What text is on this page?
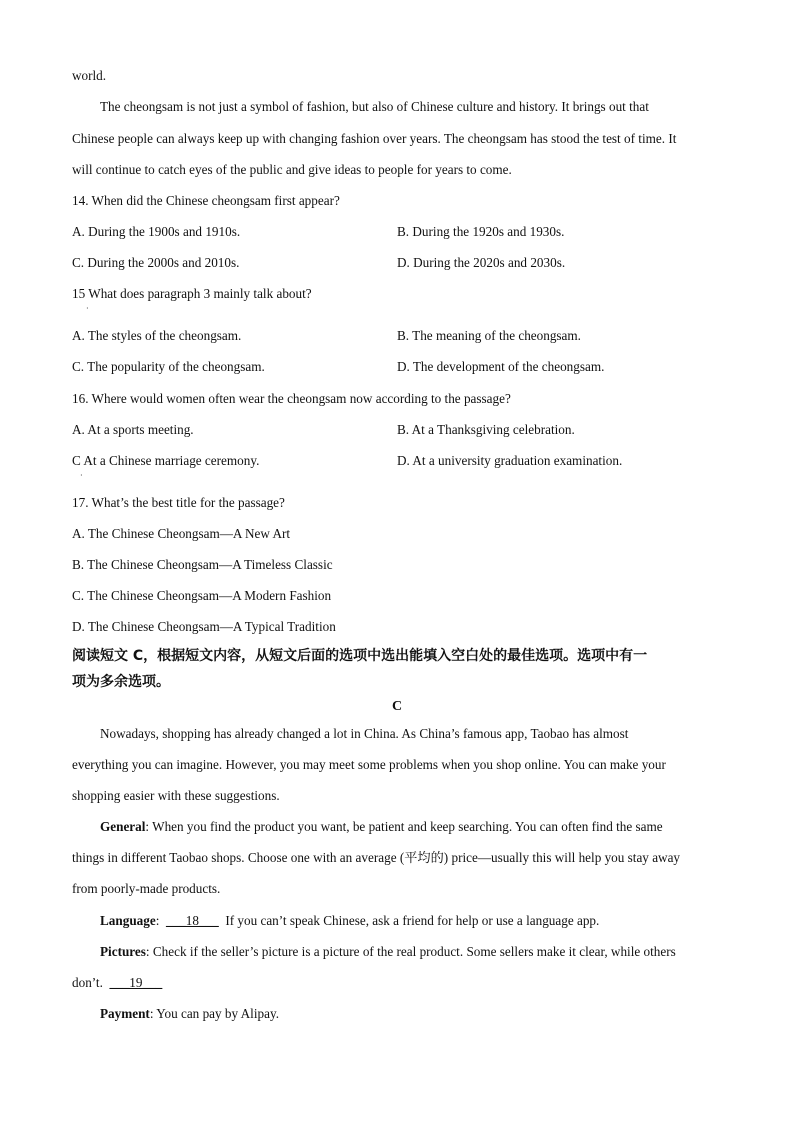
world.
The cheongsam is not just a symbol of fashion, but also of Chinese culture and history. It brings out that
Chinese people can always keep up with changing fashion over years. The cheongsam has stood the test of time. It
will continue to catch eyes of the public and give ideas to people for years to come.
14. When did the Chinese cheongsam first appear?
A. During the 1900s and 1910s.	B. During the 1920s and 1930s.
C. During the 2000s and 2010s.	D. During the 2020s and 2030s.
15 What does paragraph 3 mainly talk about?
·
A. The styles of the cheongsam.	B. The meaning of the cheongsam.
C. The popularity of the cheongsam.	D. The development of the cheongsam.
16. Where would women often wear the cheongsam now according to the passage?
A. At a sports meeting.	B. At a Thanksgiving celebration.
C At a Chinese marriage ceremony.	D. At a university graduation examination.
·
17. What’s the best title for the passage?
A. The Chinese Cheongsam—A New Art
B. The Chinese Cheongsam—A Timeless Classic
C. The Chinese Cheongsam—A Modern Fashion
D. The Chinese Cheongsam—A Typical Tradition
阅读短文 C，根据短文内容，从短文后面的选项中选出能填入空白处的最佳选项。选项中有一
项为多余选项。
C
Nowadays, shopping has already changed a lot in China. As China’s famous app, Taobao has almost
everything you can imagine. However, you may meet some problems when you shop online. You can make your
shopping easier with these suggestions.
General: When you find the product you want, be patient and keep searching. You can often find the same
things in different Taobao shops. Choose one with an average (平均的) price—usually this will help you stay away
from poorly-made products.
Language:  ___18___  If you can’t speak Chinese, ask a friend for help or use a language app.
Pictures: Check if the seller’s picture is a picture of the real product. Some sellers make it clear, while others
don’t.  ___19___
Payment: You can pay by Alipay.
